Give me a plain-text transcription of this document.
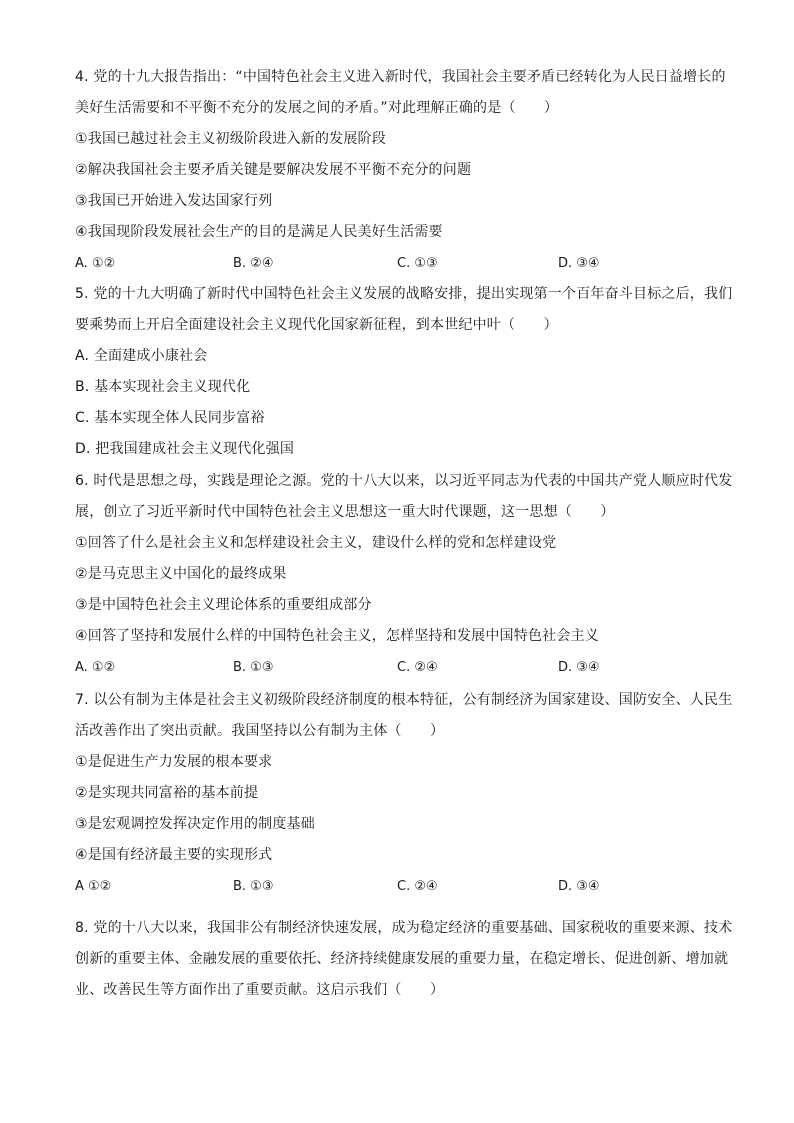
4. 党的十九大报告指出：“中国特色社会主义进入新时代，我国社会主要矛盾已经转化为人民日益增长的
美好生活需要和不平衡不充分的发展之间的矛盾。”对此理解正确的是（　　）
①我国已越过社会主义初级阶段进入新的发展阶段
②解决我国社会主要矛盾关键是要解决发展不平衡不充分的问题
③我国已开始进入发达国家行列
④我国现阶段发展社会生产的目的是满足人民美好生活需要
A. ①②	B. ②④	C. ①③	D. ③④
5. 党的十九大明确了新时代中国特色社会主义发展的战略安排，提出实现第一个百年奋斗目标之后，我们
要乘势而上开启全面建设社会主义现代化国家新征程，到本世纪中叶（　　）
A. 全面建成小康社会
B. 基本实现社会主义现代化
C. 基本实现全体人民同步富裕
D. 把我国建成社会主义现代化强国
6. 时代是思想之母，实践是理论之源。党的十八大以来，以习近平同志为代表的中国共产党人顺应时代发
展，创立了习近平新时代中国特色社会主义思想这一重大时代课题，这一思想（　　）
①回答了什么是社会主义和怎样建设社会主义，建设什么样的党和怎样建设党
②是马克思主义中国化的最终成果
③是中国特色社会主义理论体系的重要组成部分
④回答了坚持和发展什么样的中国特色社会主义，怎样坚持和发展中国特色社会主义
A. ①②	B. ①③	C. ②④	D. ③④
7. 以公有制为主体是社会主义初级阶段经济制度的根本特征，公有制经济为国家建设、国防安全、人民生
活改善作出了突出贡献。我国坚持以公有制为主体（　　）
①是促进生产力发展的根本要求
②是实现共同富裕的基本前提
③是宏观调控发挥决定作用的制度基础
④是国有经济最主要的实现形式
A ①②	B. ①③	C. ②④	D. ③④
8. 党的十八大以来，我国非公有制经济快速发展，成为稳定经济的重要基础、国家税收的重要来源、技术
创新的重要主体、金融发展的重要依托、经济持续健康发展的重要力量，在稳定增长、促进创新、增加就
业、改善民生等方面作出了重要贡献。这启示我们（　　）
